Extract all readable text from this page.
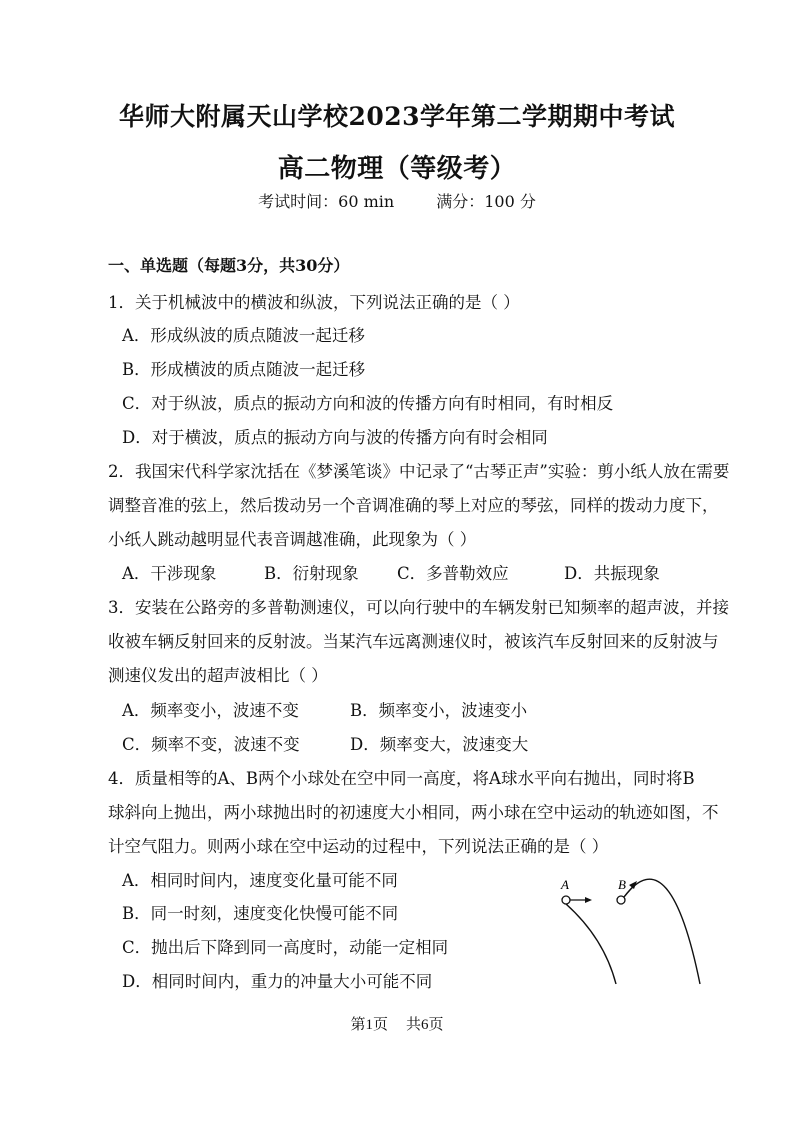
华师大附属天山学校2023学年第二学期期中考试
高二物理（等级考）
考试时间：60 min	满分：100 分
一、单选题（每题3分，共30分）
1．关于机械波中的横波和纵波，下列说法正确的是（ ）
A．形成纵波的质点随波一起迁移
B．形成横波的质点随波一起迁移
C．对于纵波，质点的振动方向和波的传播方向有时相同，有时相反
D．对于横波，质点的振动方向与波的传播方向有时会相同
2．我国宋代科学家沈括在《梦溪笔谈》中记录了“古琴正声”实验：剪小纸人放在需要
调整音准的弦上，然后拨动另一个音调准确的琴上对应的琴弦，同样的拨动力度下，
小纸人跳动越明显代表音调越准确，此现象为（ ）
A．干涉现象	B．衍射现象	C．多普勒效应	D．共振现象
3．安装在公路旁的多普勒测速仪，可以向行驶中的车辆发射已知频率的超声波，并接
收被车辆反射回来的反射波。当某汽车远离测速仪时，被该汽车反射回来的反射波与
测速仪发出的超声波相比（ ）
A．频率变小，波速不变	B．频率变小，波速变小
C．频率不变，波速不变	D．频率变大，波速变大
4．质量相等的A、B两个小球处在空中同一高度，将A球水平向右抛出，同时将B
球斜向上抛出，两小球抛出时的初速度大小相同，两小球在空中运动的轨迹如图，不
计空气阻力。则两小球在空中运动的过程中，下列说法正确的是（ ）
A．相同时间内，速度变化量可能不同
B．同一时刻，速度变化快慢可能不同
C．抛出后下降到同一高度时，动能一定相同
D．相同时间内，重力的冲量大小可能不同
A	B
第1页 共6页
